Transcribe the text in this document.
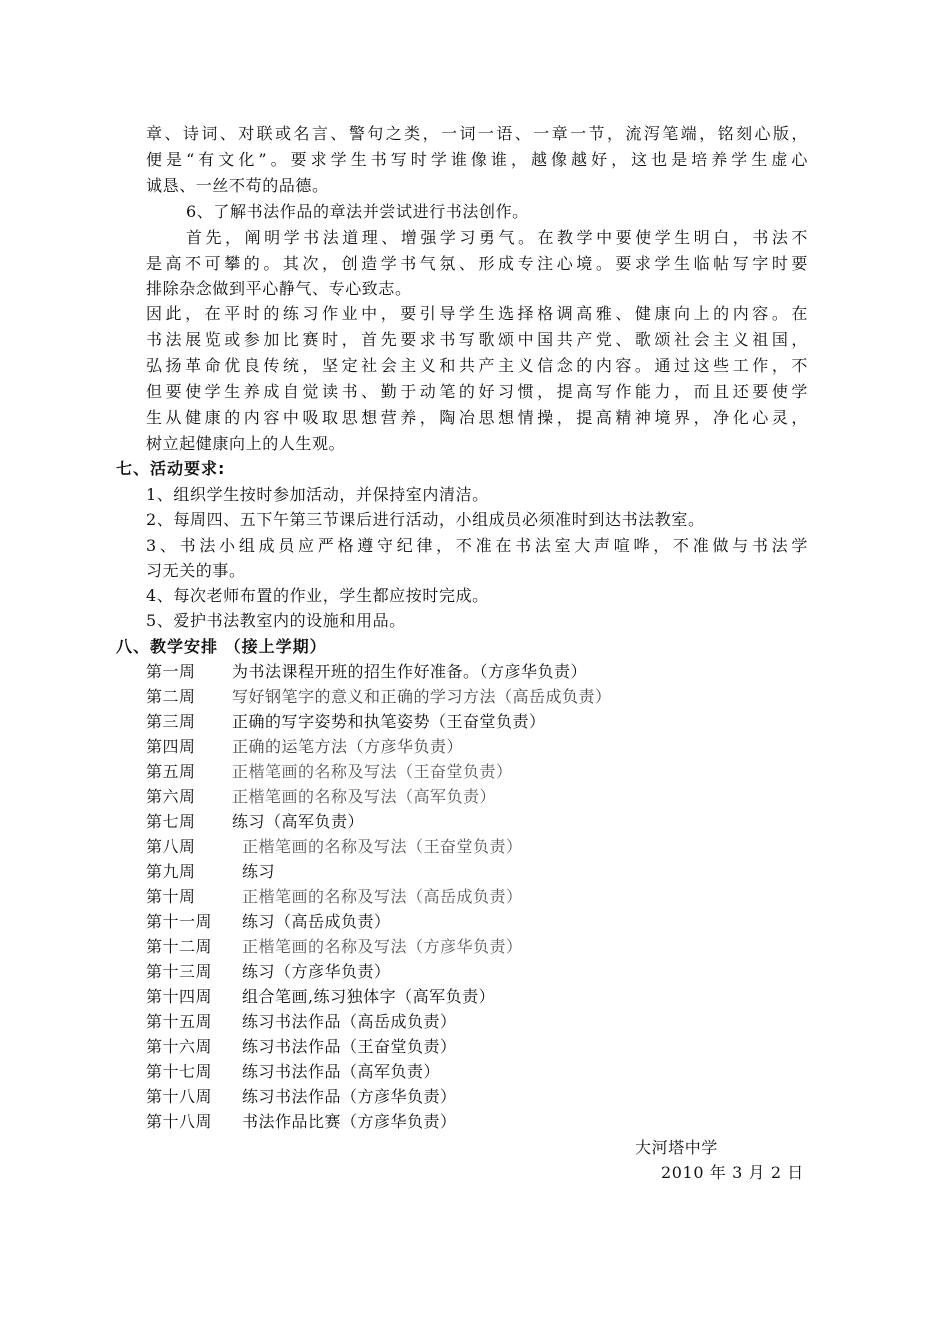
章、诗词、对联或名言、警句之类，一词一语、一章一节，流泻笔端，铭刻心版，
便是“有文化”。要求学生书写时学谁像谁，越像越好，这也是培养学生虚心
诚恳、一丝不苟的品德。
6、了解书法作品的章法并尝试进行书法创作。
首先，阐明学书法道理、增强学习勇气。在教学中要使学生明白，书法不
是高不可攀的。其次，创造学书气氛、形成专注心境。要求学生临帖写字时要
排除杂念做到平心静气、专心致志。
因此，在平时的练习作业中，要引导学生选择格调高雅、健康向上的内容。在
书法展览或参加比赛时，首先要求书写歌颂中国共产党、歌颂社会主义祖国，
弘扬革命优良传统，坚定社会主义和共产主义信念的内容。通过这些工作，不
但要使学生养成自觉读书、勤于动笔的好习惯，提高写作能力，而且还要使学
生从健康的内容中吸取思想营养，陶冶思想情操，提高精神境界，净化心灵，
树立起健康向上的人生观。
七、活动要求:
1、组织学生按时参加活动，并保持室内清洁。
2、每周四、五下午第三节课后进行活动，小组成员必须准时到达书法教室。
3、书法小组成员应严格遵守纪律，不准在书法室大声喧哗，不准做与书法学
习无关的事。
4、每次老师布置的作业，学生都应按时完成。
5、爱护书法教室内的设施和用品。
八、教学安排 （接上学期）
第一周 为书法课程开班的招生作好准备。（方彦华负责）
第二周 写好钢笔字的意义和正确的学习方法（高岳成负责）
第三周 正确的写字姿势和执笔姿势（王奋堂负责）
第四周 正确的运笔方法（方彦华负责）
第五周 正楷笔画的名称及写法（王奋堂负责）
第六周 正楷笔画的名称及写法（高军负责）
第七周 练习（高军负责）
第八周	正楷笔画的名称及写法（王奋堂负责）
第九周	练习
第十周	正楷笔画的名称及写法（高岳成负责）
第十一周 练习（高岳成负责）
第十二周 正楷笔画的名称及写法（方彦华负责）
第十三周 练习（方彦华负责）
第十四周 组合笔画,练习独体字（高军负责）
第十五周 练习书法作品（高岳成负责）
第十六周 练习书法作品（王奋堂负责）
第十七周 练习书法作品（高军负责）
第十八周 练习书法作品（方彦华负责）
第十八周 书法作品比赛（方彦华负责）
大河塔中学
2010 年 3 月 2 日
